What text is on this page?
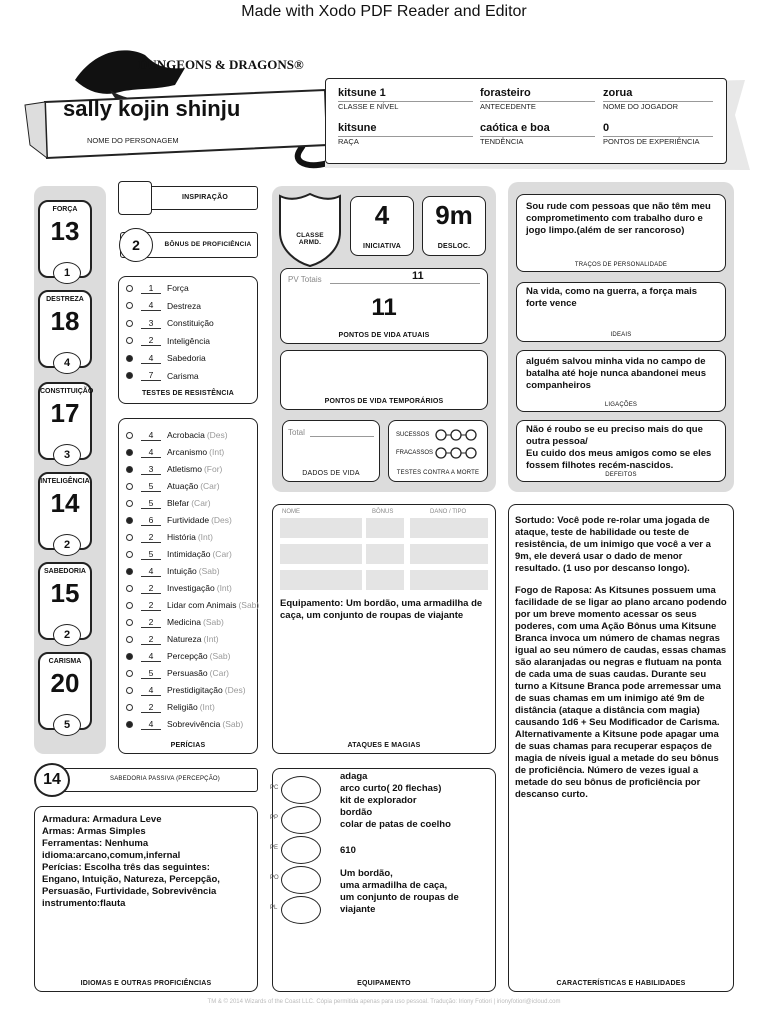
Made with Xodo PDF Reader and Editor
DUNGEONS & DRAGONS®
sally kojin shinju
NOME DO PERSONAGEM
kitsune 1
CLASSE E NÍVEL
forasteiro
ANTECEDENTE
zorua
NOME DO JOGADOR
kitsune
RAÇA
caótica e boa
TENDÊNCIA
0
PONTOS DE EXPERIÊNCIA
FORÇA
13
1
DESTREZA
18
4
CONSTITUIÇÃO
17
3
INTELIGÊNCIA
14
2
SABEDORIA
15
2
CARISMA
20
5
INSPIRAÇÃO
2	BÔNUS DE PROFICIÊNCIA
1	Força
4	Destreza
3	Constituição
2	Inteligência
4	Sabedoria
7	Carisma
TESTES DE RESISTÊNCIA
4	Acrobacia (Des)
4	Arcanismo (Int)
3	Atletismo (For)
5	Atuação (Car)
5	Blefar (Car)
6	Furtividade (Des)
2	História (Int)
5	Intimidação (Car)
4	Intuição (Sab)
2	Investigação (Int)
2	Lidar com Animais (Sab)
2	Medicina (Sab)
2	Natureza (Int)
4	Percepção (Sab)
5	Persuasão (Car)
4	Prestidigitação (Des)
2	Religião (Int)
4	Sobrevivência (Sab)
PERÍCIAS
14	SABEDORIA PASSIVA (PERCEPÇÃO)
Armadura: Armadura Leve
Armas: Armas Simples
Ferramentas: Nenhuma
idioma:arcano,comum,infernal
Perícias: Escolha três das seguintes:
Engano, Intuição, Natureza, Percepção,
Persuasão, Furtividade, Sobrevivência
instrumento:flauta
IDIOMAS E OUTRAS PROFICIÊNCIAS
CLASSE ARMD.
4
INICIATIVA
9m
DESLOC.
PV Totais	11
11
PONTOS DE VIDA ATUAIS
PONTOS DE VIDA TEMPORÁRIOS
Total
DADOS DE VIDA
SUCESSOS
FRACASSOS
TESTES CONTRA A MORTE
Sou rude com pessoas que não têm meu comprometimento com trabalho duro e jogo limpo.(além de ser rancoroso)
TRAÇOS DE PERSONALIDADE
Na vida, como na guerra, a força mais forte vence
IDEAIS
alguém salvou minha vida no campo de batalha até hoje nunca abandonei meus companheiros
LIGAÇÕES
Não é roubo se eu preciso mais do que outra pessoa/
Eu cuido dos meus amigos como se eles fossem filhotes recém-nascidos.
DEFEITOS
NOME	BÔNUS	DANO / TIPO
Equipamento: Um bordão, uma armadilha de caça, um conjunto de roupas de viajante
ATAQUES E MAGIAS
Sortudo: Você pode re-rolar uma jogada de ataque, teste de habilidade ou teste de resistência, de um inimigo que você a ver a 9m, ele deverá usar o dado de menor resultado. (1 uso por descanso longo).
Fogo de Raposa: As Kitsunes possuem uma facilidade de se ligar ao plano arcano podendo por um breve momento acessar os seus poderes, com uma Ação Bônus uma Kitsune Branca invoca um número de chamas negras igual ao seu número de caudas, essas chamas são alaranjadas ou negras e flutuam na ponta de cada uma de suas caudas. Durante seu turno a Kitsune Branca pode arremessar uma de suas chamas em um inimigo até 9m de distância (ataque a distância com magia) causando 1d6 + Seu Modificador de Carisma. Alternativamente a Kitsune pode apagar uma de suas chamas para recuperar espaços de magia de níveis igual a metade do seu bônus de proficiência. Número de vezes igual a metade do seu bônus de proficiência por descanso curto.
CARACTERÍSTICAS E HABILIDADES
PC
PP
PE
PO
PL
adaga
arco curto( 20 flechas)
kit de explorador
bordão
colar de patas de coelho
610
Um bordão,
uma armadilha de caça,
um conjunto de roupas de
viajante
EQUIPAMENTO
TM & © 2014 Wizards of the Coast LLC. Cópia permitida apenas para uso pessoal. Tradução: Iriony Fotiori | irionyfotiori@icloud.com
